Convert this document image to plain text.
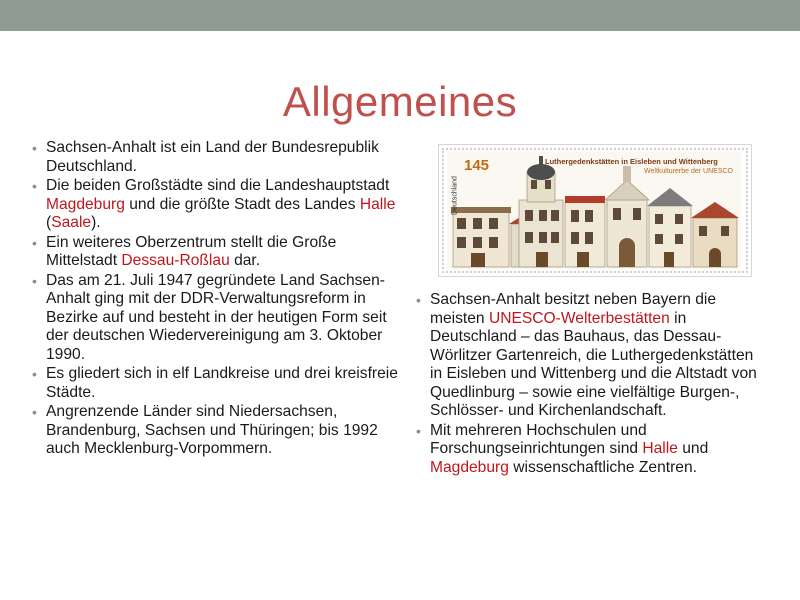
Allgemeines
• Sachsen-Anhalt ist ein Land der Bundesrepublik Deutschland.
• Die beiden Großstädte sind die Landeshauptstadt Magdeburg und die größte Stadt des Landes Halle (Saale).
• Ein weiteres Oberzentrum stellt die Große Mittelstadt Dessau-Roßlau dar.
• Das am 21. Juli 1947 gegründete Land Sachsen-Anhalt ging mit der DDR-Verwaltungsreform in Bezirke auf und besteht in der heutigen Form seit der deutschen Wiedervereinigung am 3. Oktober 1990.
• Es gliedert sich in elf Landkreise und drei kreisfreie Städte.
• Angrenzende Länder sind Niedersachsen, Brandenburg, Sachsen und Thüringen; bis 1992 auch Mecklenburg-Vorpommern.
145
Deutschland
Luthergedenkstätten in Eisleben und Wittenberg
Weltkulturerbe der UNESCO
• Sachsen-Anhalt besitzt neben Bayern die meisten UNESCO-Welterbestätten in Deutschland – das Bauhaus, das Dessau-Wörlitzer Gartenreich, die Luthergedenkstätten in Eisleben und Wittenberg und die Altstadt von Quedlinburg – sowie eine vielfältige Burgen-, Schlösser- und Kirchenlandschaft.
• Mit mehreren Hochschulen und Forschungseinrichtungen sind Halle und Magdeburg wissenschaftliche Zentren.
